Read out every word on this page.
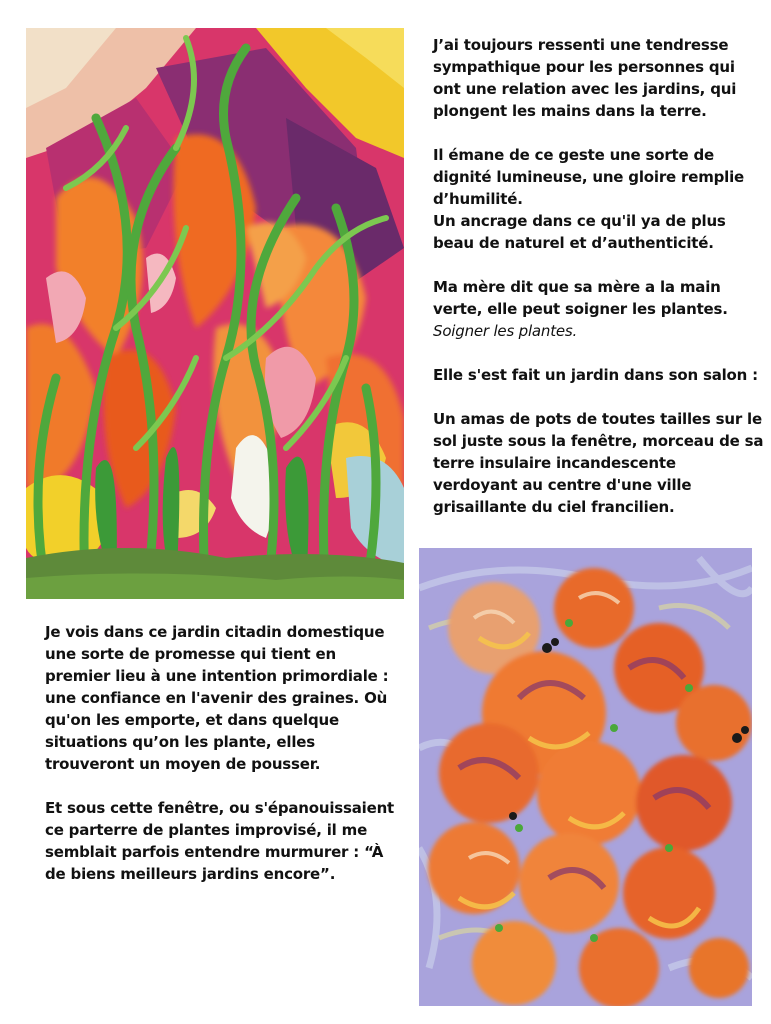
J’ai toujours ressenti une tendresse
sympathique pour les personnes qui
ont une relation avec les jardins, qui
plongent les mains dans la terre.

Il émane de ce geste une sorte de
dignité lumineuse, une gloire remplie
d’humilité.
Un ancrage dans ce qu'il ya de plus
beau de naturel et d’authenticité.

Ma mère dit que sa mère a la main
verte, elle peut soigner les plantes.
Soigner les plantes.

Elle s'est fait un jardin dans son salon :

Un amas de pots de toutes tailles sur le
sol juste sous la fenêtre, morceau de sa
terre insulaire incandescente
verdoyant au centre d'une ville
grisaillante du ciel francilien.

Je vois dans ce jardin citadin domestique
une sorte de promesse qui tient en
premier lieu à une intention primordiale :
une confiance en l'avenir des graines. Où
qu'on les emporte, et dans quelque
situations qu’on les plante, elles
trouveront un moyen de pousser.

Et sous cette fenêtre, ou s'épanouissaient
ce parterre de plantes improvisé, il me
semblait parfois entendre murmurer : “À
de biens meilleurs jardins encore”.
